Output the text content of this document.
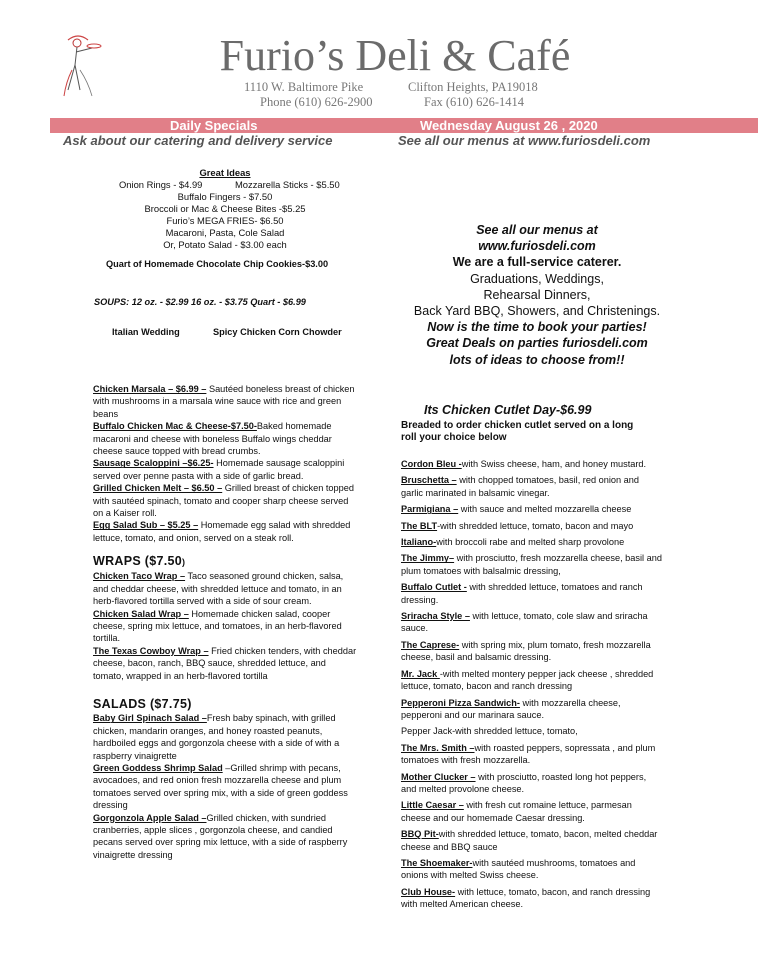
Furio’s Deli & Café
1110 W. Baltimore Pike	Clifton Heights, PA19018
Phone (610) 626-2900	Fax (610) 626-1414
Daily Specials	Wednesday August 26 , 2020
Ask about our catering and delivery service	See all our menus at www.furiosdeli.com
Great Ideas
Onion Rings - $4.99	Mozzarella Sticks - $5.50
Buffalo Fingers - $7.50
Broccoli or Mac & Cheese Bites -$5.25
Furio’s MEGA FRIES- $6.50
Macaroni, Pasta, Cole Salad
Or, Potato Salad - $3.00 each
Quart of Homemade Chocolate Chip Cookies-$3.00
SOUPS: 12 oz. - $2.99 16 oz. - $3.75 Quart - $6.99
Italian Wedding	Spicy Chicken Corn Chowder

Chicken Marsala – $6.99 – Sautéed boneless breast of chicken with mushrooms in a marsala wine sauce with rice and green beans

Buffalo Chicken Mac & Cheese-$7.50-Baked homemade macaroni and cheese with boneless Buffalo wings cheddar cheese sauce topped with bread crumbs.

Sausage Scaloppini –$6.25- Homemade sausage scaloppini served over penne pasta with a side of garlic bread.

Grilled Chicken Melt – $6.50 – Grilled breast of chicken topped with sautéed spinach, tomato and cooper sharp cheese served on a Kaiser roll.

Egg Salad Sub – $5.25 – Homemade egg salad with shredded lettuce, tomato, and onion, served on a steak roll.

WRAPS ($7.50)

Chicken Taco Wrap – Taco seasoned ground chicken, salsa, and cheddar cheese, with shredded lettuce and tomato, in an herb-flavored tortilla served with a side of sour cream.

Chicken Salad Wrap – Homemade chicken salad, cooper cheese, spring mix lettuce, and tomatoes, in an herb-flavored tortilla.

The Texas Cowboy Wrap – Fried chicken tenders, with cheddar cheese, bacon, ranch, BBQ sauce, shredded lettuce, and tomato, wrapped in an herb-flavored tortilla

SALADS ($7.75)

Baby Girl Spinach Salad –Fresh baby spinach, with grilled chicken, mandarin oranges, and honey roasted peanuts, hardboiled eggs and gorgonzola cheese with a side of with a raspberry vinaigrette

Green Goddess Shrimp Salad –Grilled shrimp with pecans, avocadoes, and red onion fresh mozzarella cheese and plum tomatoes served over spring mix, with a side of green goddess dressing

Gorgonzola Apple Salad –Grilled chicken, with sundried cranberries, apple slices , gorgonzola cheese, and candied pecans served over spring mix lettuce, with a side of raspberry vinaigrette dressing

See all our menus at
www.furiosdeli.com
We are a full-service caterer.
Graduations, Weddings,
Rehearsal Dinners,
Back Yard BBQ, Showers, and Christenings.
Now is the time to book your parties!
Great Deals on parties furiosdeli.com
lots of ideas to choose from!!
Its Chicken Cutlet Day-$6.99
Breaded to order chicken cutlet served on a long roll your choice below

Cordon Bleu -with Swiss cheese, ham, and honey mustard.

Bruschetta – with chopped tomatoes, basil, red onion and garlic marinated in balsamic vinegar.

Parmigiana – with sauce and melted mozzarella cheese

The BLT-with shredded lettuce, tomato, bacon and mayo

Italiano-with broccoli rabe and melted sharp provolone

The Jimmy– with prosciutto, fresh mozzarella cheese, basil and plum tomatoes with balsalmic dressing,

Buffalo Cutlet - with shredded lettuce, tomatoes and ranch dressing.

Sriracha Style – with lettuce, tomato, cole slaw and sriracha sauce.

The Caprese- with spring mix, plum tomato, fresh mozzarella cheese, basil and balsamic dressing.

Mr. Jack -with melted montery pepper jack cheese , shredded lettuce, tomato, bacon and ranch dressing

Pepperoni Pizza Sandwich- with mozzarella cheese, pepperoni and our marinara sauce.

Pepper Jack-with shredded lettuce, tomato,

The Mrs. Smith –with roasted peppers, sopressata , and plum tomatoes with fresh mozzarella.

Mother Clucker – with prosciutto, roasted long hot peppers, and melted provolone cheese.

Little Caesar – with fresh cut romaine lettuce, parmesan cheese and our homemade Caesar dressing.

BBQ Pit-with shredded lettuce, tomato, bacon, melted cheddar cheese and BBQ sauce

The Shoemaker-with sautéed mushrooms, tomatoes and onions with melted Swiss cheese.

Club House- with lettuce, tomato, bacon, and ranch dressing with melted American cheese.
